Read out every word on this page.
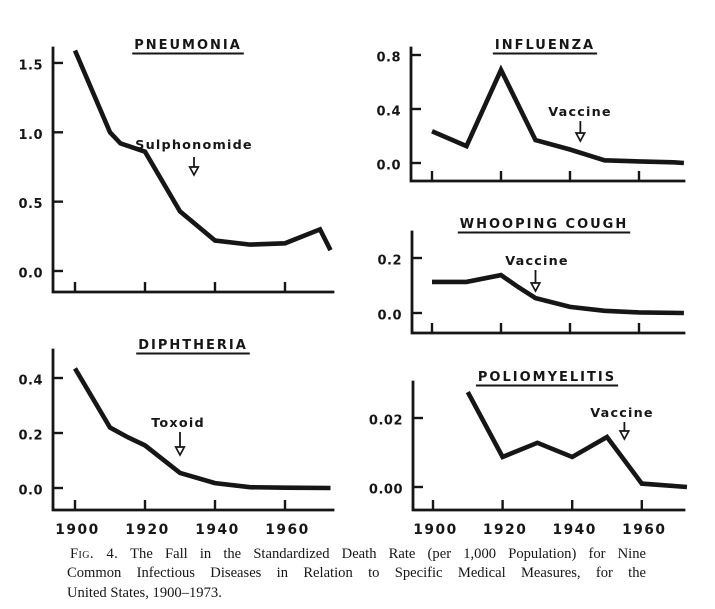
1.5
1.0
0.5
0.0
PNEUMONIA
Sulphonomide
0.8
0.4
0.0
INFLUENZA
Vaccine
0.2
0.0
WHOOPING COUGH
Vaccine
0.4
0.2
0.0
1900 1920 1940 1960
DIPHTHERIA
Toxoid	0.02
0.00
1900 1920 1940 1960
POLIOMYELITIS
Vaccine
Fig. 4. The Fall in the Standardized Death Rate (per 1,000 Population) for Nine
Common Infectious Diseases in Relation to Specific Medical Measures, for the
United States, 1900–1973.
